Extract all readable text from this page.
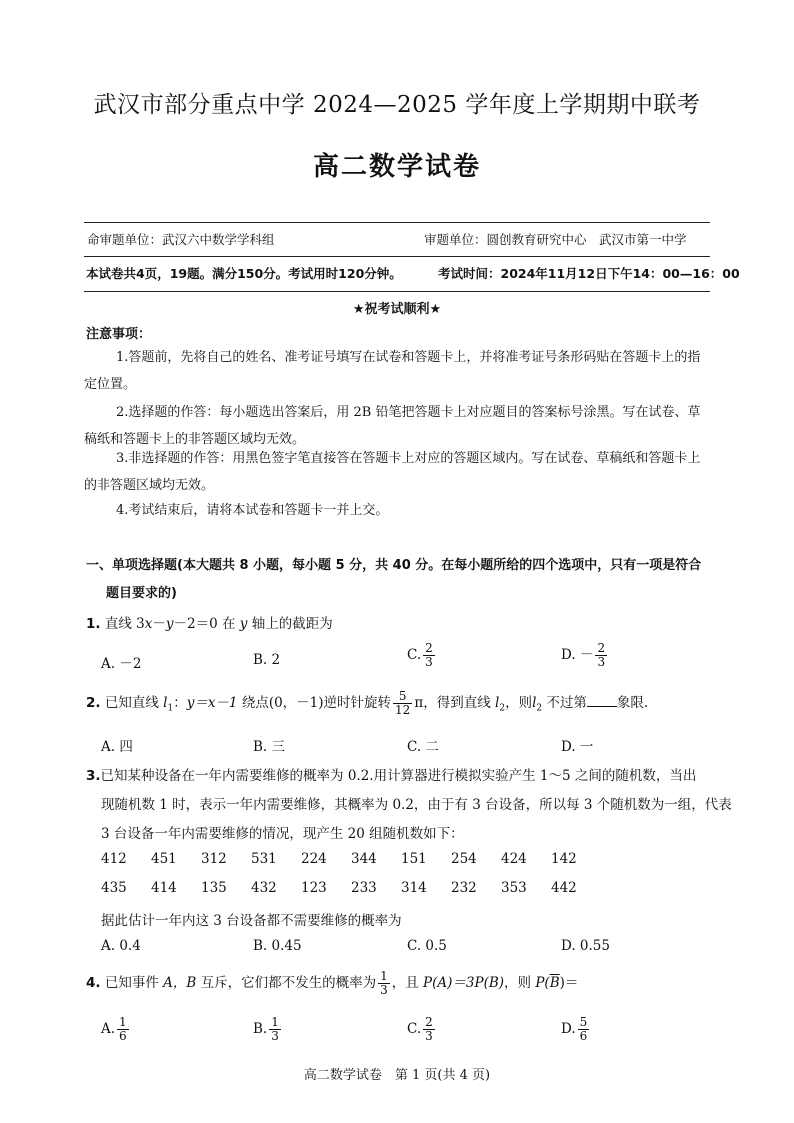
武汉市部分重点中学 2024—2025 学年度上学期期中联考
高二数学试卷
命审题单位：武汉六中数学学科组	审题单位：圆创教育研究中心　武汉市第一中学
本试卷共4页，19题。满分150分。考试用时120分钟。	考试时间：2024年11月12日下午14：00—16：00
★祝考试顺利★
注意事项：
1.答题前，先将自己的姓名、准考证号填写在试卷和答题卡上，并将准考证号条形码贴在答题卡上的指定位置。
2.选择题的作答：每小题选出答案后，用 2B 铅笔把答题卡上对应题目的答案标号涂黑。写在试卷、草稿纸和答题卡上的非答题区域均无效。
3.非选择题的作答：用黑色签字笔直接答在答题卡上对应的答题区域内。写在试卷、草稿纸和答题卡上的非答题区域均无效。
4.考试结束后，请将本试卷和答题卡一并上交。
一、单项选择题(本大题共 8 小题，每小题 5 分，共 40 分。在每小题所给的四个选项中，只有一项是符合
题目要求的)
1. 直线 3x－y－2＝0 在 y 轴上的截距为
A. －2	B. 2	C. $\frac{2}{3}$	D. － $\frac{2}{3}$
2. 已知直线 $l_1$：y＝x－1 绕点(0，－1)逆时针旋转 $\frac{5}{12}$ π，得到直线 $l_2$，则$l_2$ 不过第 象限.
A. 四	B. 三	C. 二	D. 一
3.已知某种设备在一年内需要维修的概率为 0.2.用计算器进行模拟实验产生 1～5 之间的随机数，当出
现随机数 1 时，表示一年内需要维修，其概率为 0.2，由于有 3 台设备，所以每 3 个随机数为一组，代表
3 台设备一年内需要维修的情况，现产生 20 组随机数如下：
412 451 312 531 224 344 151 254 424 142
435 414 135 432 123 233 314 232 353 442
据此估计一年内这 3 台设备都不需要维修的概率为
A. 0.4	B. 0.45	C. 0.5	D. 0.55
4. 已知事件 A，B 互斥，它们都不发生的概率为 $\frac{1}{3}$ ，且 P(A)＝3P(B)，则 $P(\overline{B})=$
A. $\frac{1}{6}$	B. $\frac{1}{3}$	C. $\frac{2}{3}$	D. $\frac{5}{6}$
高二数学试卷　第 1 页(共 4 页)
